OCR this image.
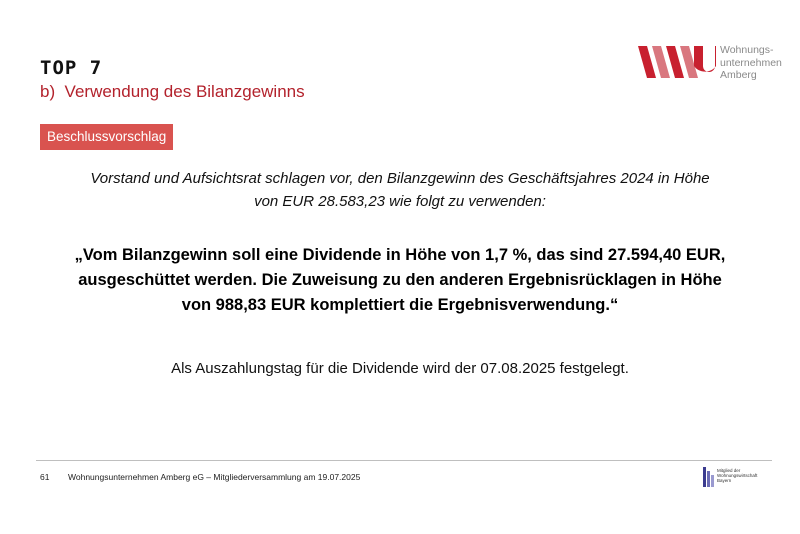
TOP 7
b)  Verwendung des Bilanzgewinns
Wohnungs-
unternehmen
Amberg
Beschlussvorschlag
Vorstand und Aufsichtsrat schlagen vor, den Bilanzgewinn des Geschäftsjahres 2024 in Höhe
von EUR 28.583,23 wie folgt zu verwenden:
„Vom Bilanzgewinn soll eine Dividende in Höhe von 1,7 %, das sind 27.594,40 EUR,
ausgeschüttet werden. Die Zuweisung zu den anderen Ergebnisrücklagen in Höhe
von 988,83 EUR komplettiert die Ergebnisverwendung.“
Als Auszahlungstag für die Dividende wird der 07.08.2025 festgelegt.
61 Wohnungsunternehmen Amberg eG – Mitgliederversammlung am 19.07.2025
Mitglied der
Wohnungswirtschaft
Bayern
